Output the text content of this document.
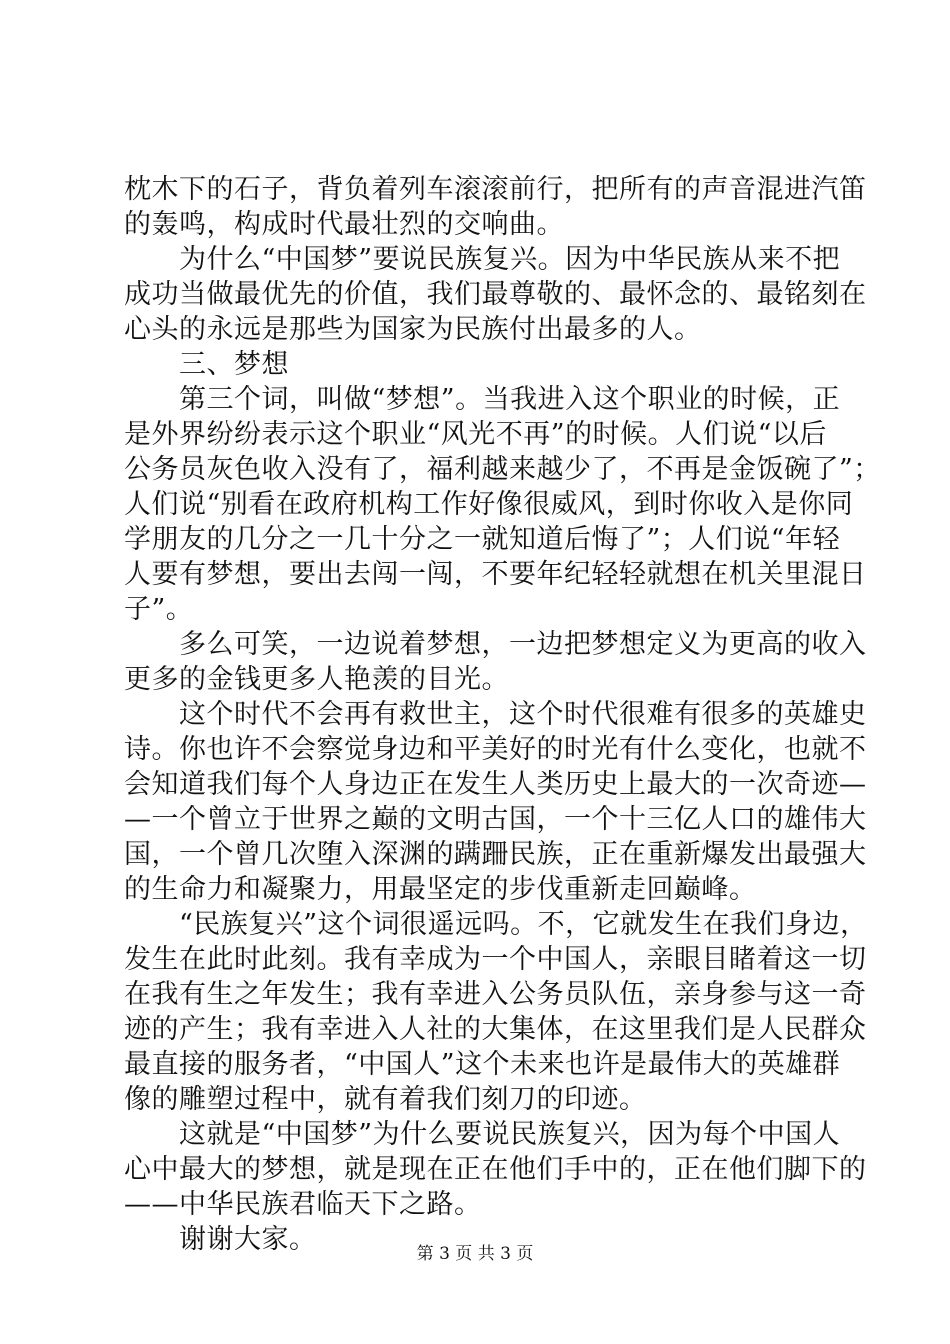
枕木下的石子，背负着列车滚滚前行，把所有的声音混进汽笛
的轰鸣，构成时代最壮烈的交响曲。
　　为什么“中国梦”要说民族复兴。因为中华民族从来不把
成功当做最优先的价值，我们最尊敬的、最怀念的、最铭刻在
心头的永远是那些为国家为民族付出最多的人。
　　三、梦想
　　第三个词，叫做“梦想”。当我进入这个职业的时候，正
是外界纷纷表示这个职业“风光不再”的时候。人们说“以后
公务员灰色收入没有了，福利越来越少了，不再是金饭碗了”；
人们说“别看在政府机构工作好像很威风，到时你收入是你同
学朋友的几分之一几十分之一就知道后悔了”；人们说“年轻
人要有梦想，要出去闯一闯，不要年纪轻轻就想在机关里混日
子”。
　　多么可笑，一边说着梦想，一边把梦想定义为更高的收入
更多的金钱更多人艳羡的目光。
　　这个时代不会再有救世主，这个时代很难有很多的英雄史
诗。你也许不会察觉身边和平美好的时光有什么变化，也就不
会知道我们每个人身边正在发生人类历史上最大的一次奇迹—
—一个曾立于世界之巅的文明古国，一个十三亿人口的雄伟大
国，一个曾几次堕入深渊的蹒跚民族，正在重新爆发出最强大
的生命力和凝聚力，用最坚定的步伐重新走回巅峰。
　　“民族复兴”这个词很遥远吗。不，它就发生在我们身边，
发生在此时此刻。我有幸成为一个中国人，亲眼目睹着这一切
在我有生之年发生；我有幸进入公务员队伍，亲身参与这一奇
迹的产生；我有幸进入人社的大集体，在这里我们是人民群众
最直接的服务者，“中国人”这个未来也许是最伟大的英雄群
像的雕塑过程中，就有着我们刻刀的印迹。
　　这就是“中国梦”为什么要说民族复兴，因为每个中国人
心中最大的梦想，就是现在正在他们手中的，正在他们脚下的
——中华民族君临天下之路。
　　谢谢大家。	第 3 页 共 3 页
